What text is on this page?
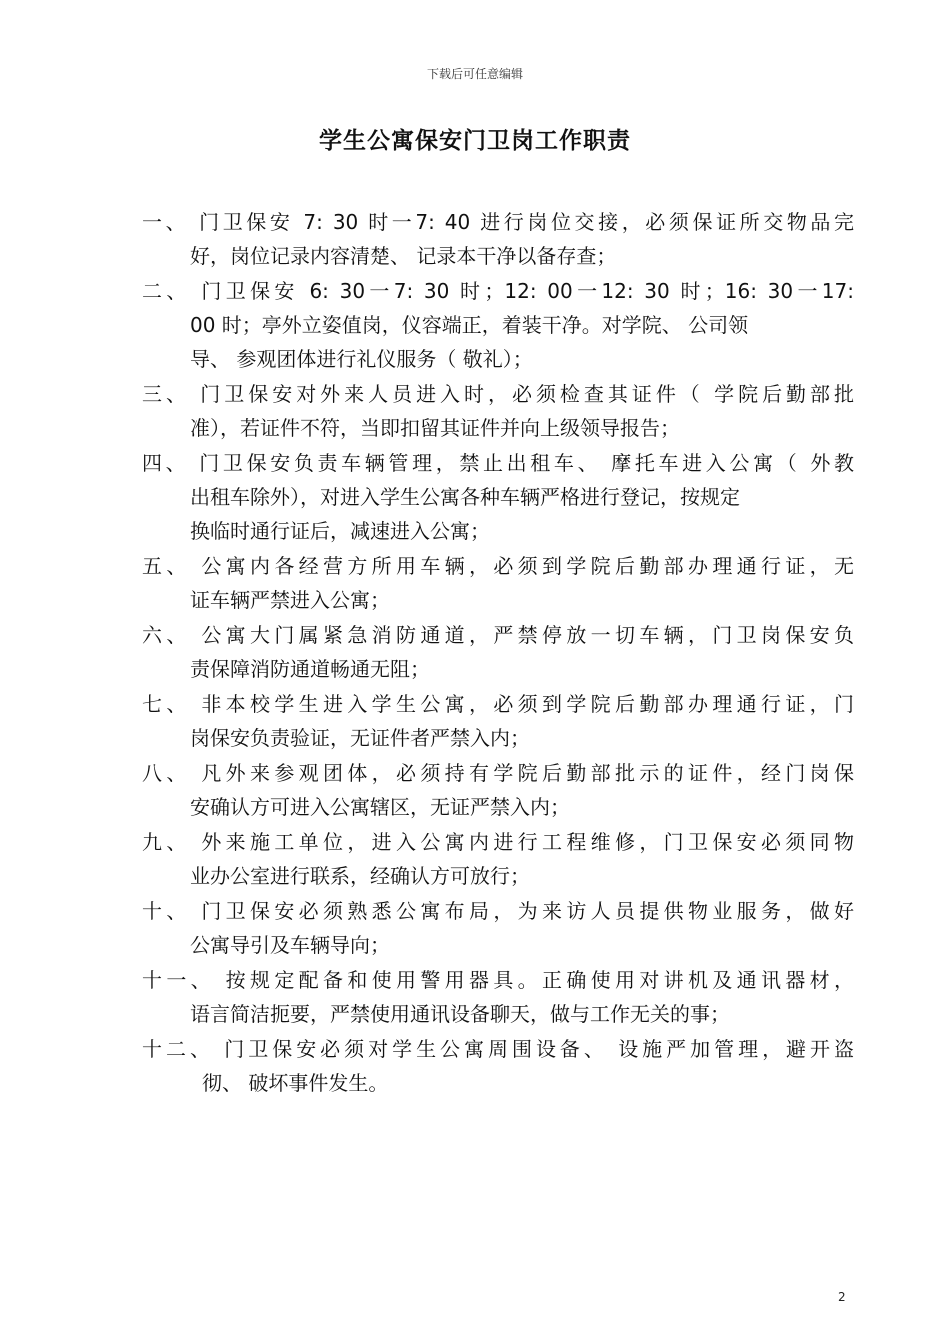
下载后可任意编辑
学生公寓保安门卫岗工作职责
一、 门卫保安 7: 30 时一7: 40 进行岗位交接，必须保证所交物品完
好，岗位记录内容清楚、 记录本干净以备存查；
二、 门卫保安 6: 30一7: 30 时；12: 00一12: 30 时；16: 30一17:
00 时；亭外立姿值岗，仪容端正，着装干净。对学院、 公司领
导、 参观团体进行礼仪服务（ 敬礼）；
三、 门卫保安对外来人员进入时，必须检查其证件（ 学院后勤部批
准），若证件不符，当即扣留其证件并向上级领导报告；
四、 门卫保安负责车辆管理，禁止出租车、 摩托车进入公寓（ 外教
出租车除外），对进入学生公寓各种车辆严格进行登记，按规定
换临时通行证后，减速进入公寓；
五、 公寓内各经营方所用车辆，必须到学院后勤部办理通行证，无
证车辆严禁进入公寓；
六、 公寓大门属紧急消防通道，严禁停放一切车辆，门卫岗保安负
责保障消防通道畅通无阻；
七、 非本校学生进入学生公寓，必须到学院后勤部办理通行证，门
岗保安负责验证，无证件者严禁入内；
八、 凡外来参观团体，必须持有学院后勤部批示的证件，经门岗保
安确认方可进入公寓辖区，无证严禁入内；
九、 外来施工单位，进入公寓内进行工程维修，门卫保安必须同物
业办公室进行联系，经确认方可放行；
十、 门卫保安必须熟悉公寓布局，为来访人员提供物业服务，做好
公寓导引及车辆导向；
十一、 按规定配备和使用警用器具。正确使用对讲机及通讯器材，
语言简洁扼要，严禁使用通讯设备聊天，做与工作无关的事；
十二、 门卫保安必须对学生公寓周围设备、 设施严加管理，避开盗
彻、 破坏事件发生。
2
